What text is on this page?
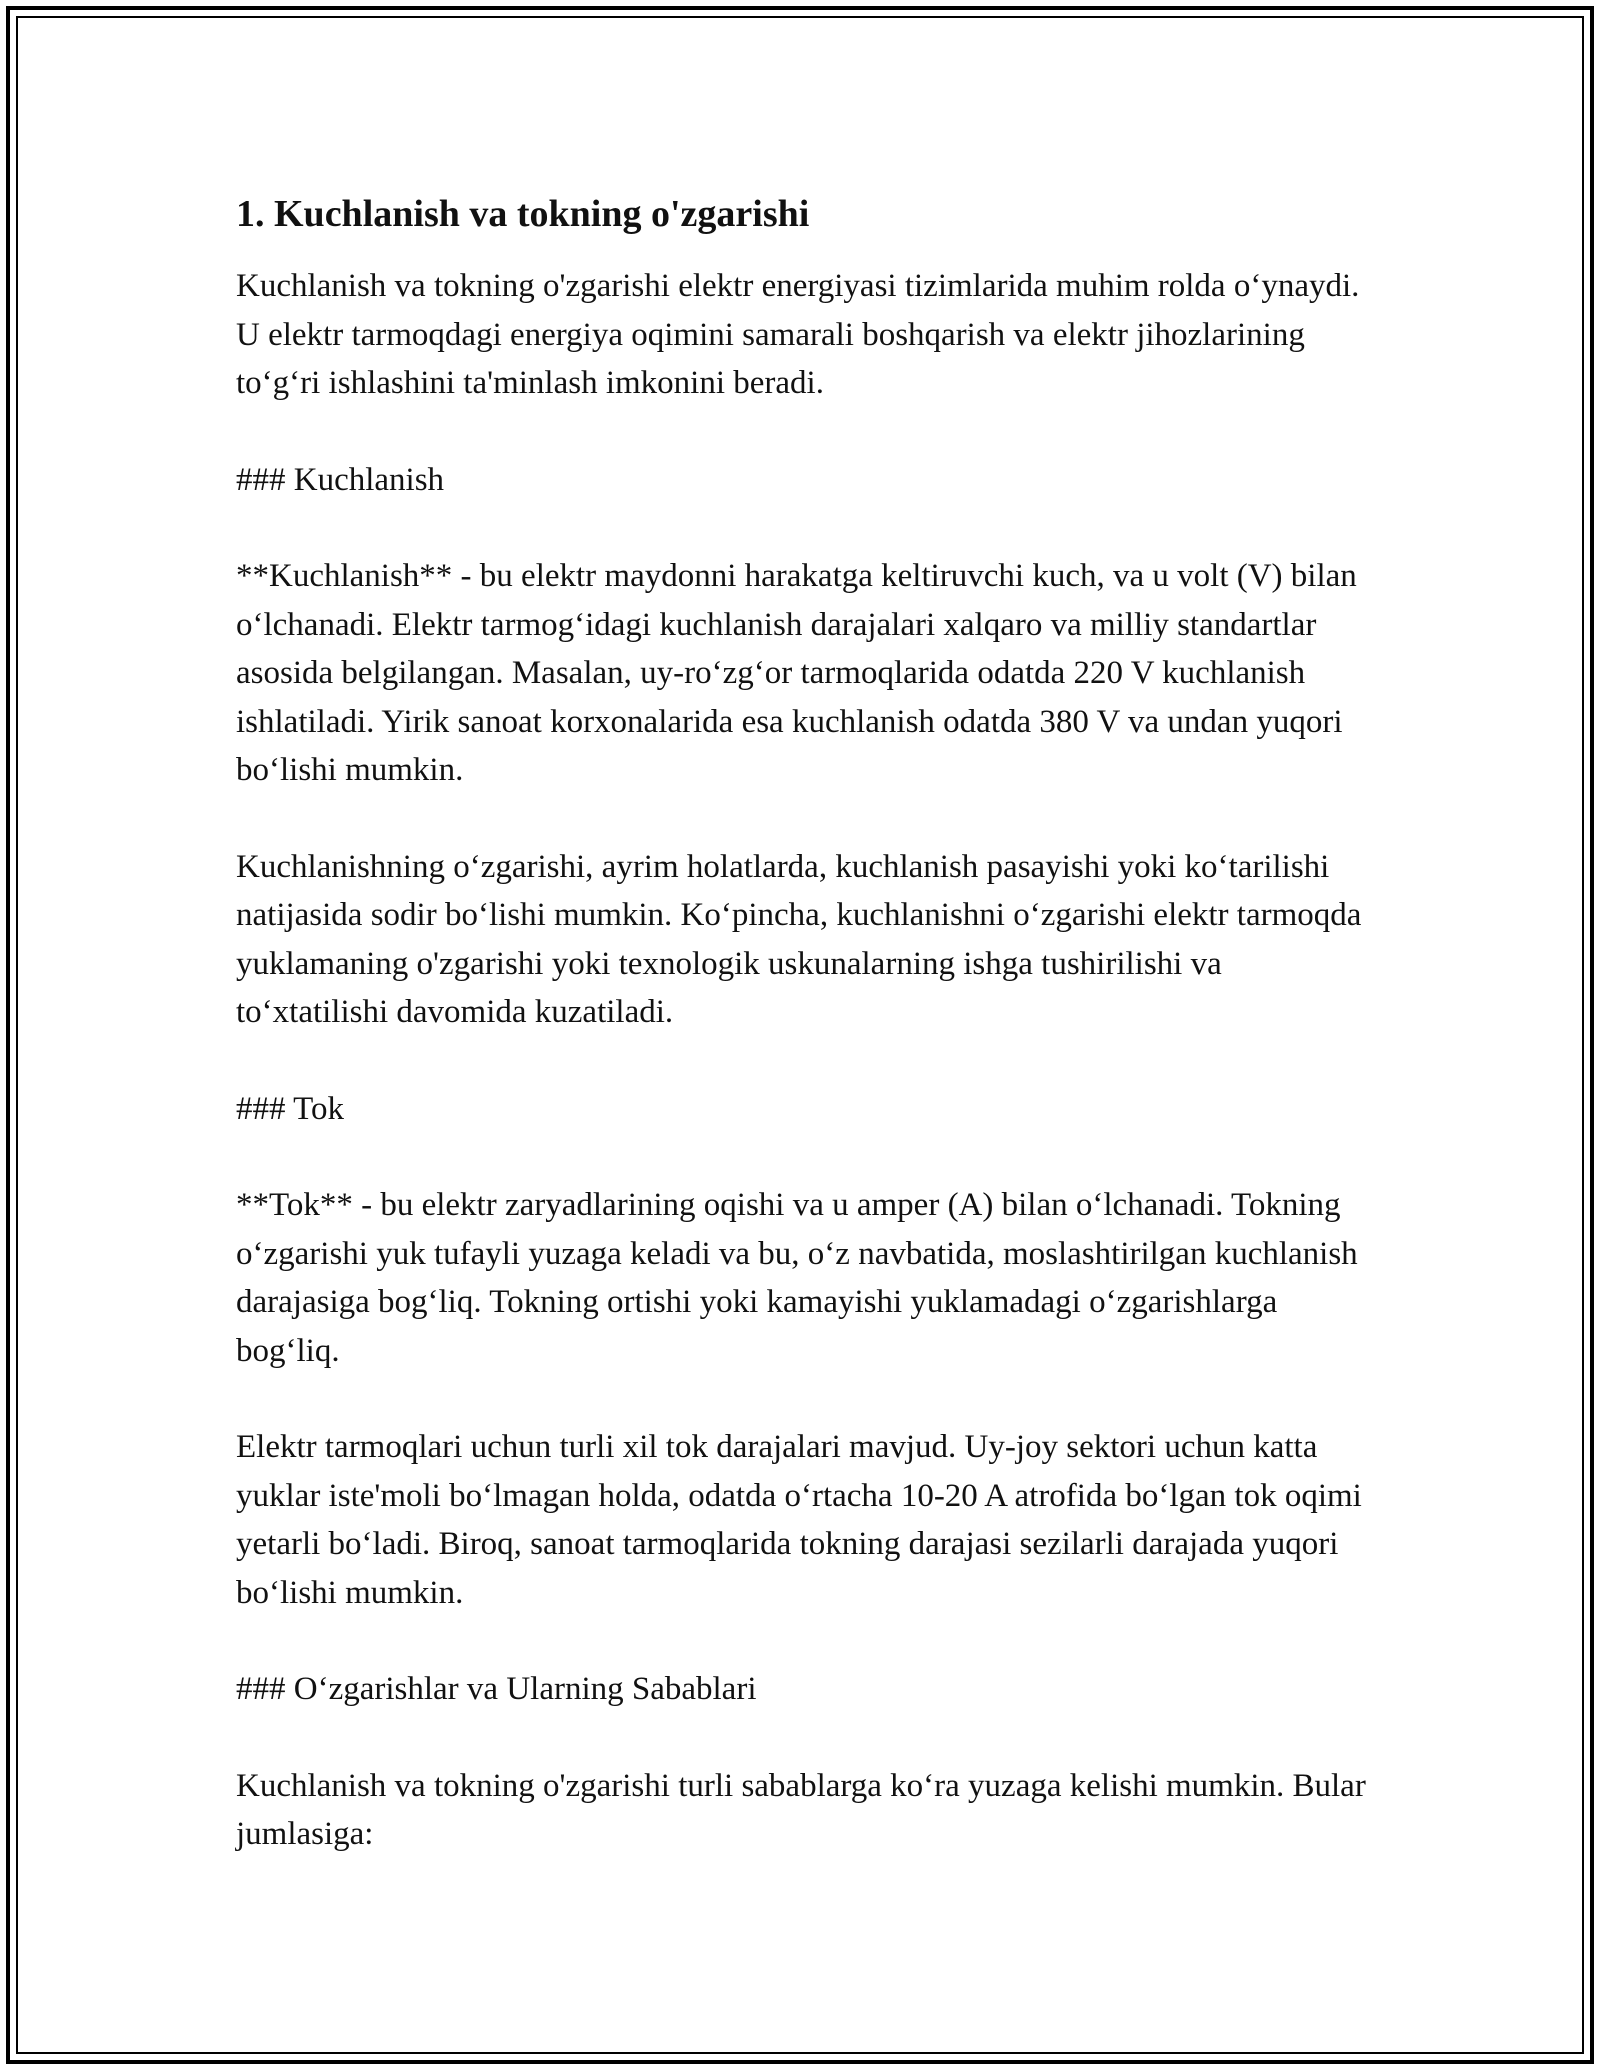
1. Kuchlanish va tokning o'zgarishi

Kuchlanish va tokning o'zgarishi elektr energiyasi tizimlarida muhim rolda oʻynaydi. U elektr tarmoqdagi energiya oqimini samarali boshqarish va elektr jihozlarining toʻgʻri ishlashini ta'minlash imkonini beradi.

### Kuchlanish

**Kuchlanish** - bu elektr maydonni harakatga keltiruvchi kuch, va u volt (V) bilan oʻlchanadi. Elektr tarmogʻidagi kuchlanish darajalari xalqaro va milliy standartlar asosida belgilangan. Masalan, uy-roʻzgʻor tarmoqlarida odatda 220 V kuchlanish ishlatiladi. Yirik sanoat korxonalarida esa kuchlanish odatda 380 V va undan yuqori boʻlishi mumkin.

Kuchlanishning oʻzgarishi, ayrim holatlarda, kuchlanish pasayishi yoki koʻtarilishi natijasida sodir boʻlishi mumkin. Koʻpincha, kuchlanishni oʻzgarishi elektr tarmoqda yuklamaning o'zgarishi yoki texnologik uskunalarning ishga tushirilishi va toʻxtatilishi davomida kuzatiladi.

### Tok

**Tok** - bu elektr zaryadlarining oqishi va u amper (A) bilan oʻlchanadi. Tokning oʻzgarishi yuk tufayli yuzaga keladi va bu, oʻz navbatida, moslashtirilgan kuchlanish darajasiga bogʻliq. Tokning ortishi yoki kamayishi yuklamadagi oʻzgarishlarga bogʻliq.

Elektr tarmoqlari uchun turli xil tok darajalari mavjud. Uy-joy sektori uchun katta yuklar iste'moli boʻlmagan holda, odatda oʻrtacha 10-20 A atrofida boʻlgan tok oqimi yetarli boʻladi. Biroq, sanoat tarmoqlarida tokning darajasi sezilarli darajada yuqori boʻlishi mumkin.

### Oʻzgarishlar va Ularning Sabablari

Kuchlanish va tokning o'zgarishi turli sabablarga koʻra yuzaga kelishi mumkin. Bular jumlasiga:
